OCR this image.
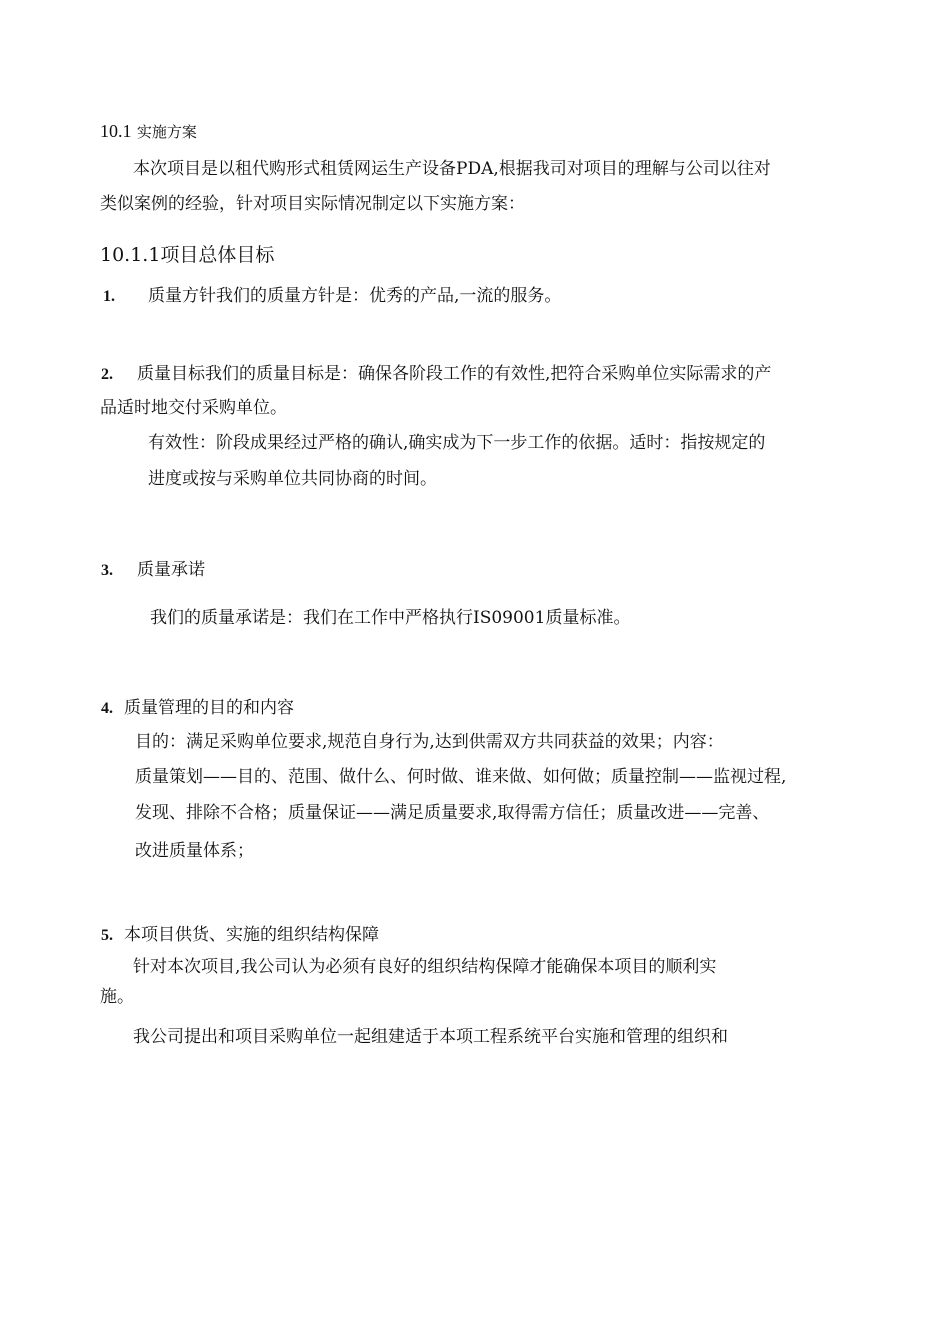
10.1 实施方案
本次项目是以租代购形式租赁网运生产设备PDA,根据我司对项目的理解与公司以往对
类似案例的经验，针对项目实际情况制定以下实施方案：
10.1.1项目总体目标
1. 质量方针我们的质量方针是：优秀的产品,一流的服务。
2. 质量目标我们的质量目标是：确保各阶段工作的有效性,把符合采购单位实际需求的产
品适时地交付采购单位。
有效性：阶段成果经过严格的确认,确实成为下一步工作的依据。适时：指按规定的
进度或按与采购单位共同协商的时间。
3. 质量承诺
我们的质量承诺是：我们在工作中严格执行IS09001质量标准。
4. 质量管理的目的和内容
目的：满足采购单位要求,规范自身行为,达到供需双方共同获益的效果；内容：
质量策划——目的、范围、做什么、何时做、谁来做、如何做；质量控制——监视过程,
发现、排除不合格；质量保证——满足质量要求,取得需方信任；质量改进——完善、
改进质量体系；
5. 本项目供货、实施的组织结构保障
针对本次项目,我公司认为必须有良好的组织结构保障才能确保本项目的顺利实
施。
我公司提出和项目采购单位一起组建适于本项工程系统平台实施和管理的组织和
